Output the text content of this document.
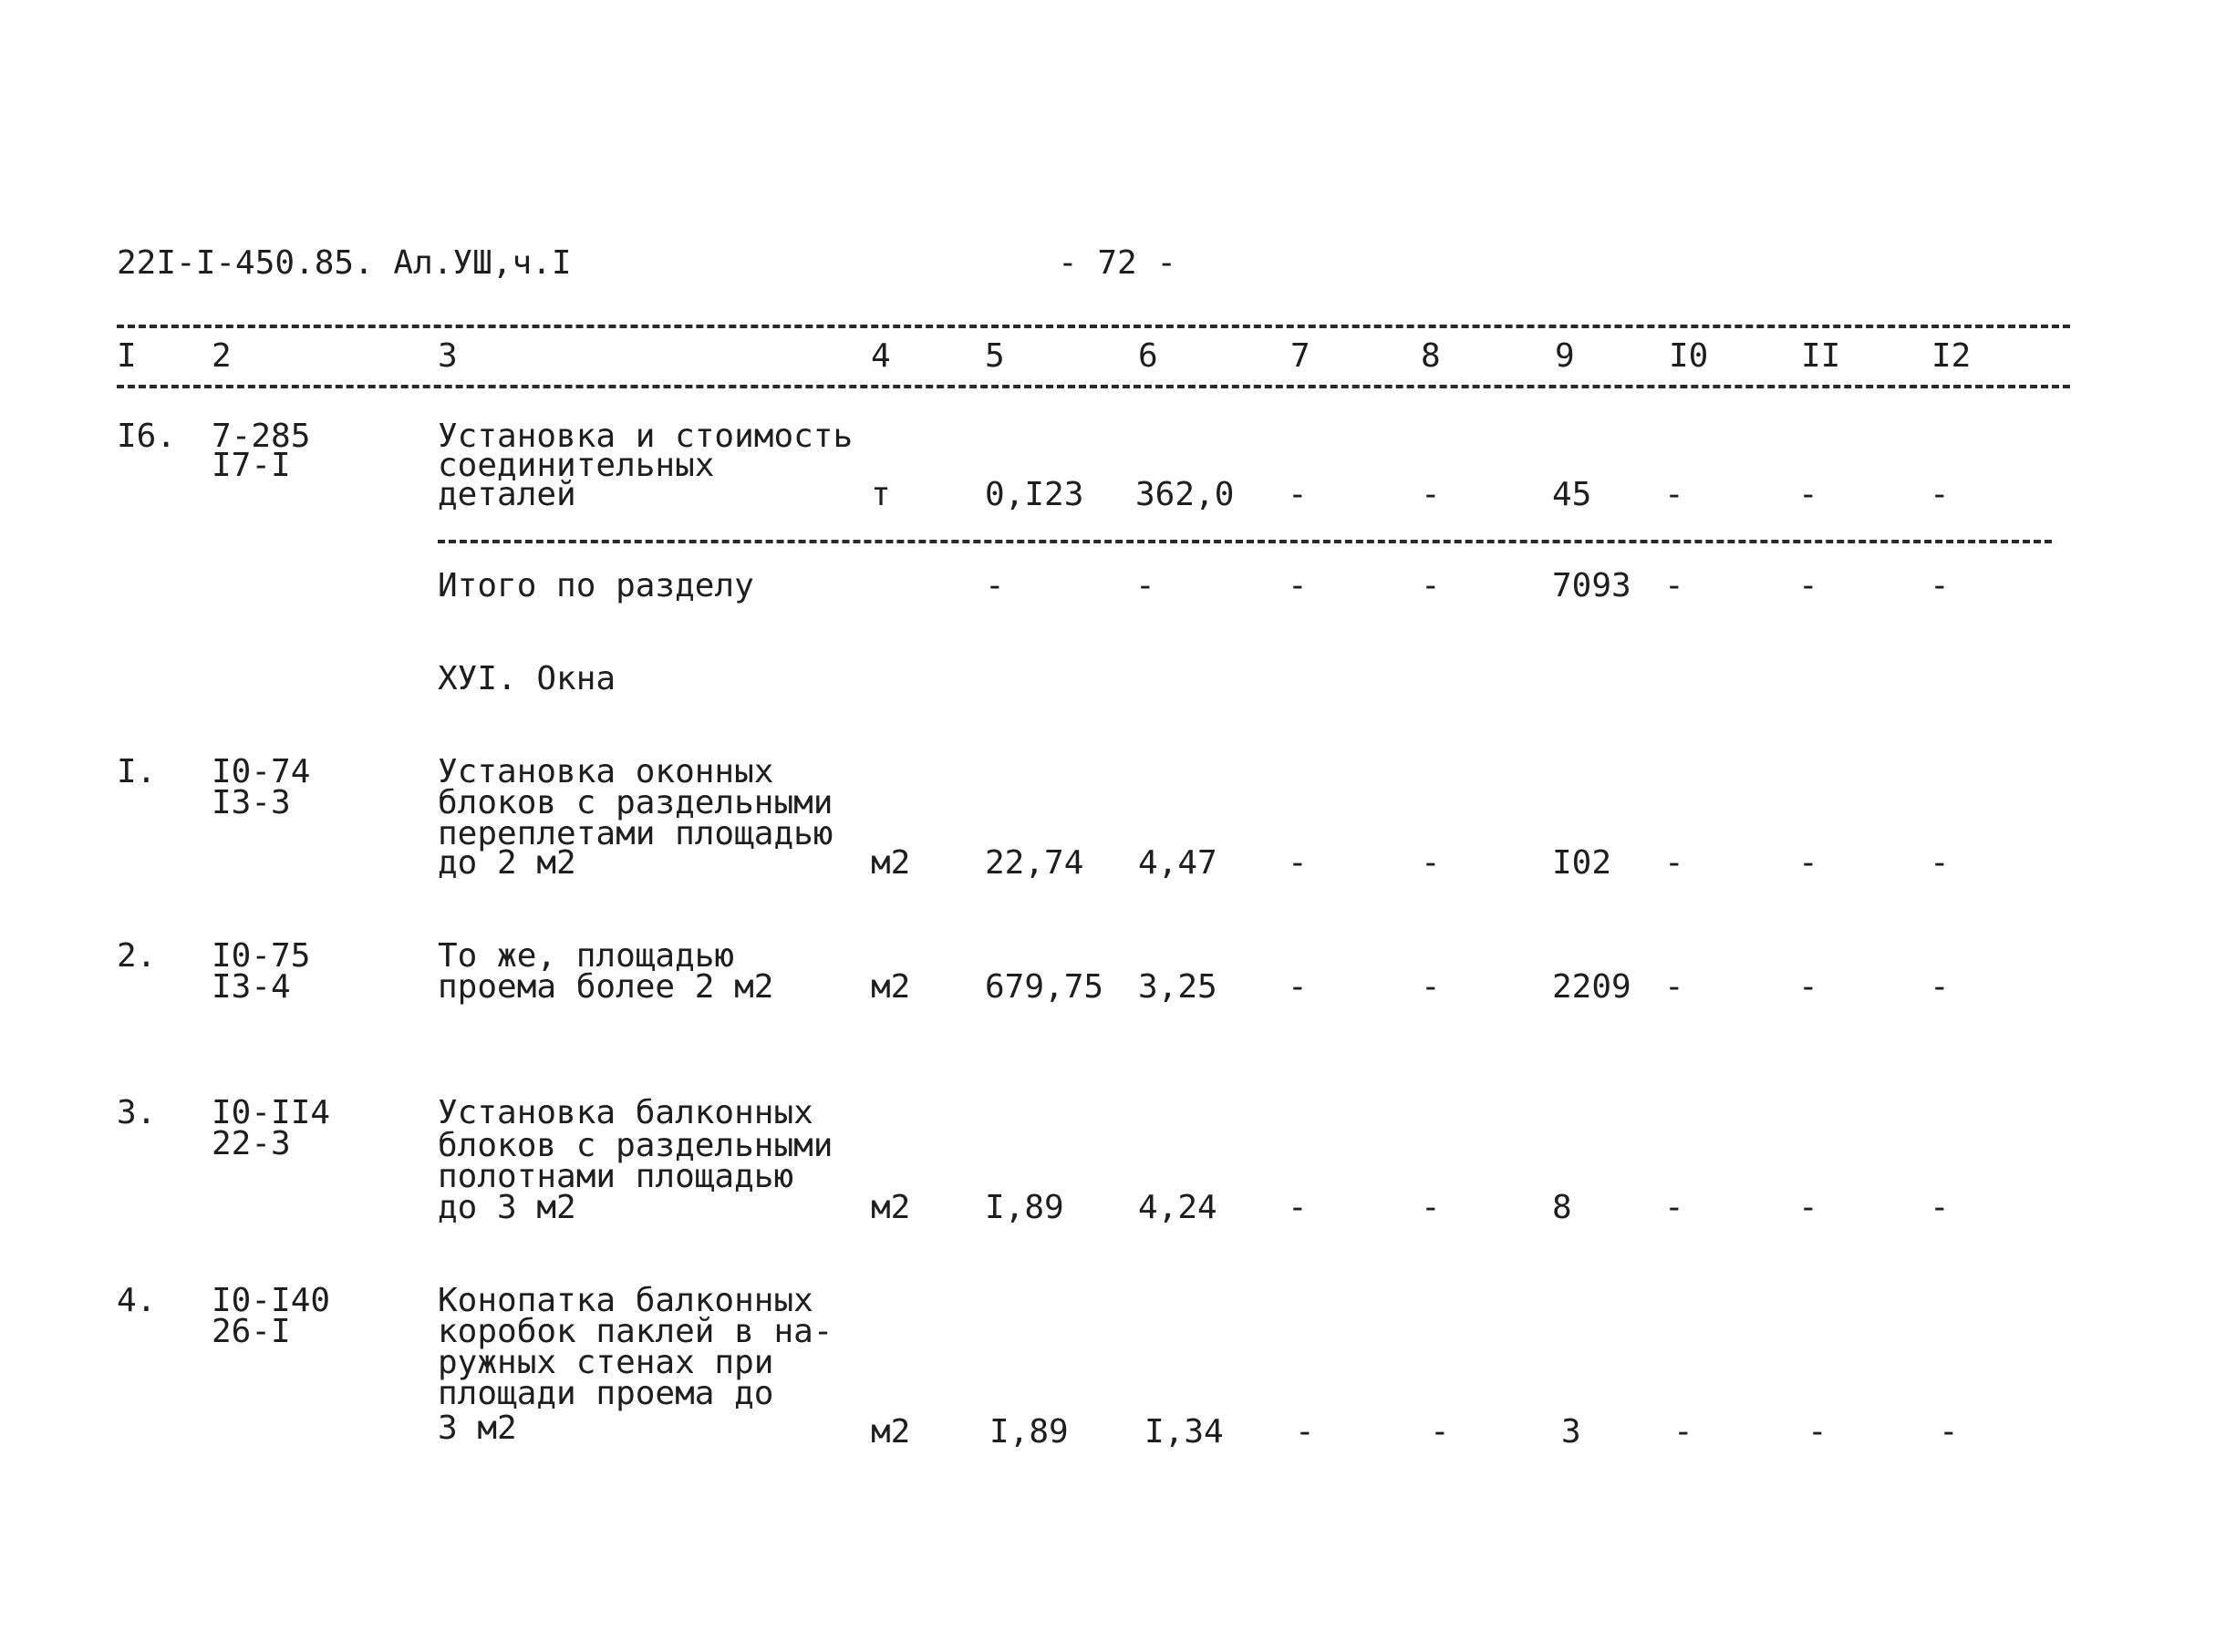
22I-I-450.85. Ал.УШ,ч.I	- 72 -
I 2	3	4	5	6	7	8	9	I0	II	I2
I6. 7-285
I7-I
Установка и стоимость
соединительных
деталей	т	0,I23 362,0 -	-	45 -	-	-
Итого по разделу	-	-	-	-	7093 -	-	-
ХУI. Окна
I. I0-74
I3-3
Установка оконных
блоков с раздельными
переплетами площадью
до 2 м2	м2 22,74 4,47 -	-	I02 -	-	-
2. I0-75
I3-4
То же, площадью
проема более 2 м2	м2 679,75 3,25 -	-	2209 -	-	-
3. I0-II4
22-3
Установка балконных
блоков с раздельными
полотнами площадью
до 3 м2	м2 I,89 4,24 -	-	8	-	-	-
4. I0-I40
26-I
Конопатка балконных
коробок паклей в на-
ружных стенах при
площади проема до
3 м2	м2 I,89 I,34 -	-	3	-	-	-
